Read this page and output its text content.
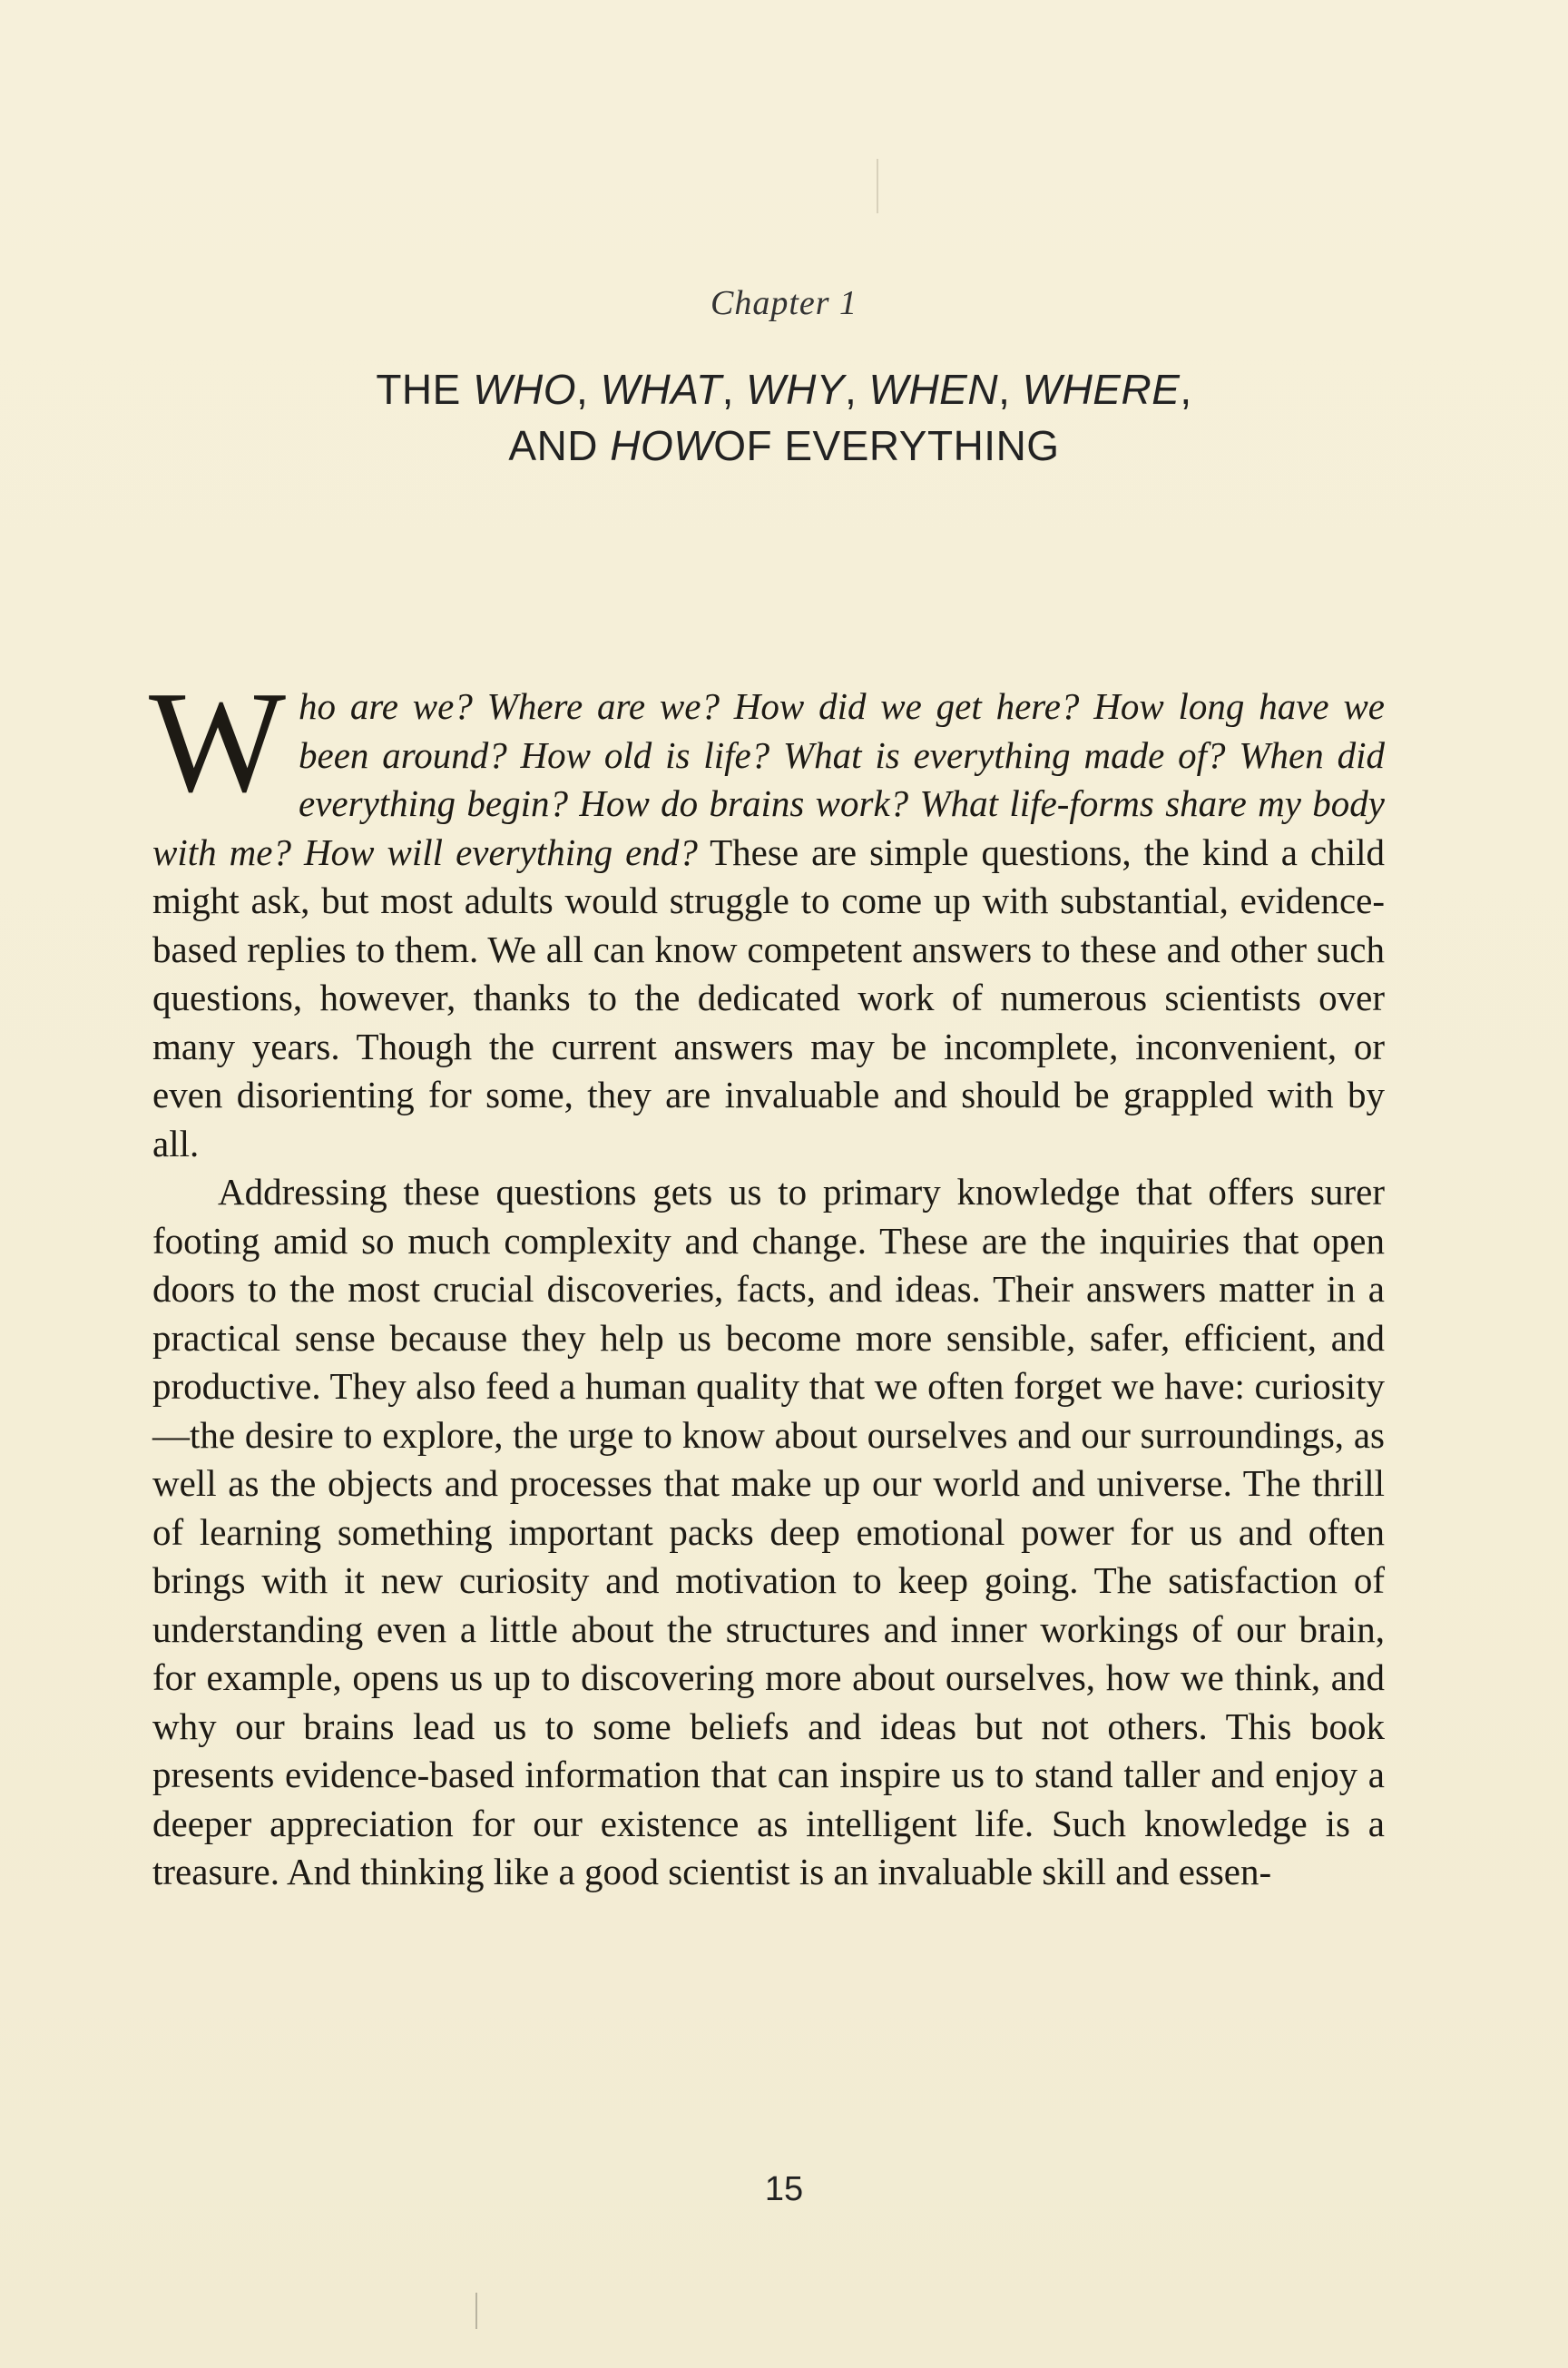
Chapter 1
THE WHO, WHAT, WHY, WHEN, WHERE,
AND HOWOF EVERYTHING

Who are we? Where are we? How did we get here? How long have we been around? How old is life? What is everything made of? When did everything begin? How do brains work? What life-forms share my body with me? How will everything end? These are simple questions, the kind a child might ask, but most adults would struggle to come up with substantial, evidence-based replies to them. We all can know competent answers to these and other such questions, however, thanks to the dedicated work of numerous scientists over many years. Though the current answers may be incomplete, inconvenient, or even disorienting for some, they are invaluable and should be grappled with by all.

Addressing these questions gets us to primary knowledge that offers surer footing amid so much complexity and change. These are the inquiries that open doors to the most crucial discoveries, facts, and ideas. Their answers matter in a practical sense because they help us become more sensible, safer, efficient, and productive. They also feed a human quality that we often forget we have: curiosity—the desire to explore, the urge to know about ourselves and our surroundings, as well as the objects and processes that make up our world and universe. The thrill of learning something important packs deep emotional power for us and often brings with it new curiosity and motivation to keep going. The satisfaction of understanding even a little about the structures and inner workings of our brain, for example, opens us up to discovering more about ourselves, how we think, and why our brains lead us to some beliefs and ideas but not others. This book presents evidence-based information that can inspire us to stand taller and enjoy a deeper appreciation for our existence as intelligent life. Such knowledge is a treasure. And thinking like a good scientist is an invaluable skill and essen-

15
